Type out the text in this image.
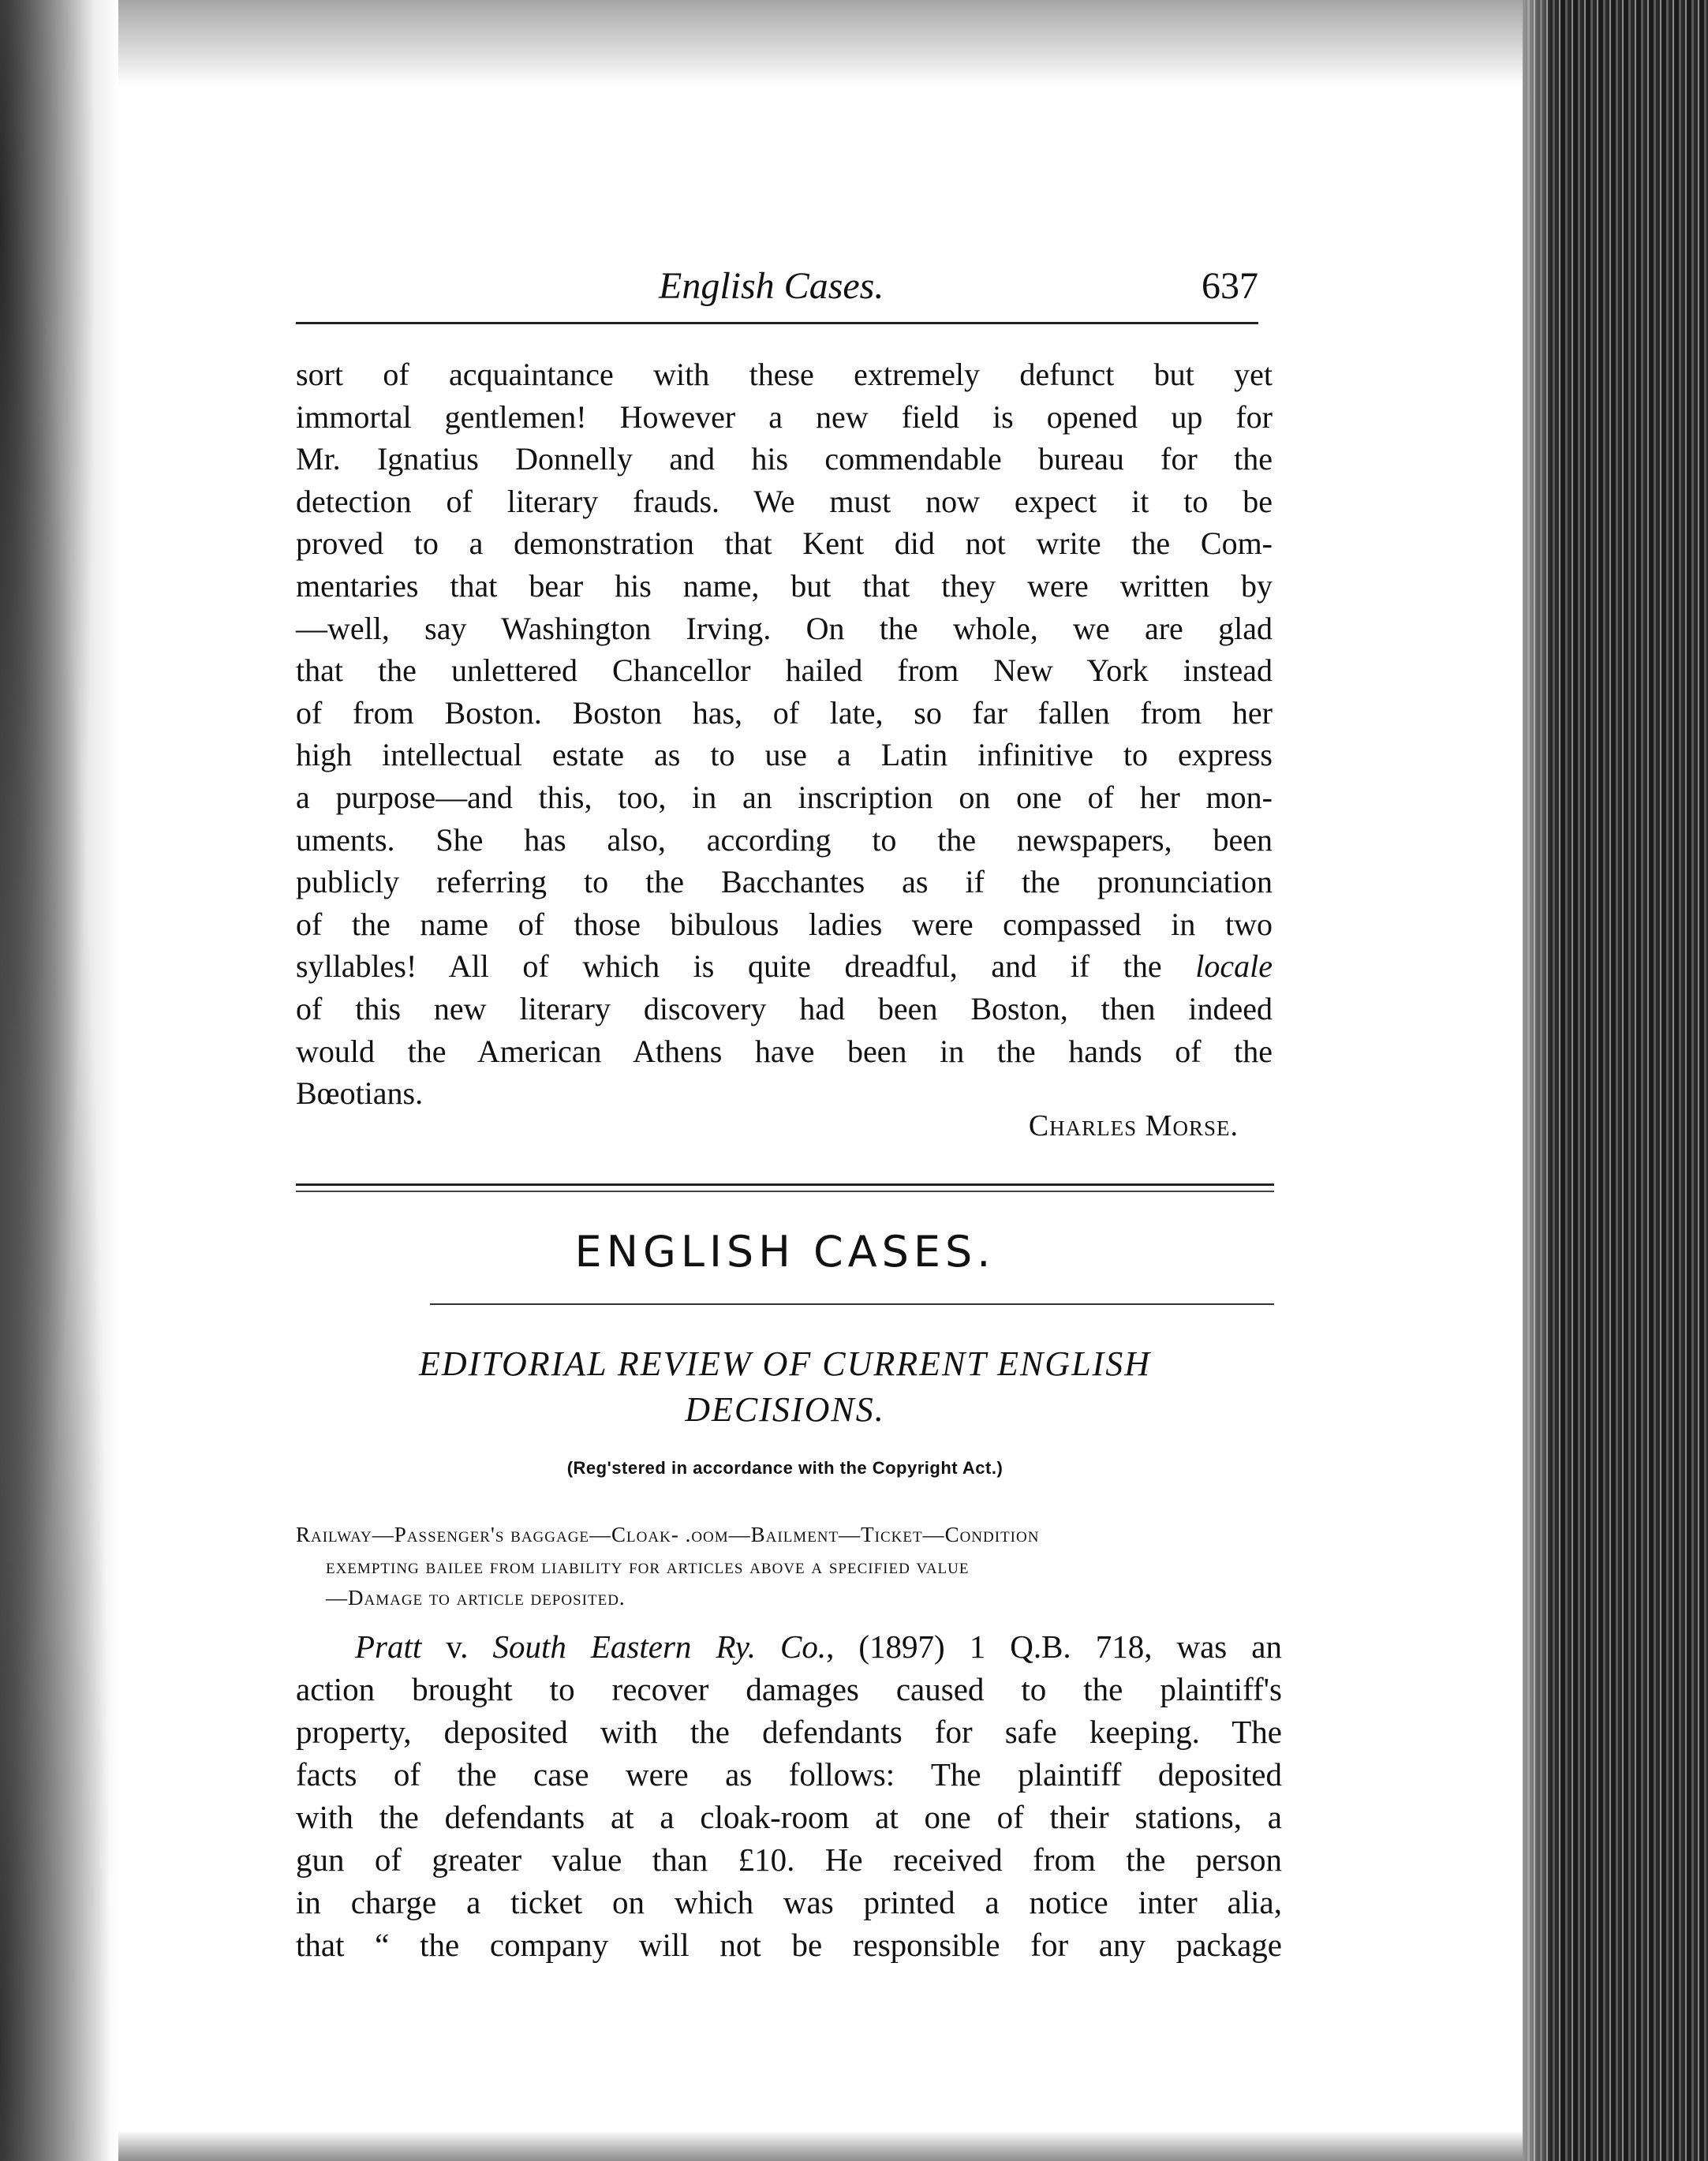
English Cases.	637
sort of acquaintance with these extremely defunct but yet
immortal gentlemen! However a new field is opened up for
Mr. Ignatius Donnelly and his commendable bureau for the
detection of literary frauds. We must now expect it to be
proved to a demonstration that Kent did not write the Com-
mentaries that bear his name, but that they were written by
—well, say Washington Irving. On the whole, we are glad
that the unlettered Chancellor hailed from New York instead
of from Boston. Boston has, of late, so far fallen from her
high intellectual estate as to use a Latin infinitive to express
a purpose—and this, too, in an inscription on one of her mon-
uments. She has also, according to the newspapers, been
publicly referring to the Bacchantes as if the pronunciation
of the name of those bibulous ladies were compassed in two
syllables! All of which is quite dreadful, and if the locale
of this new literary discovery had been Boston, then indeed
would the American Athens have been in the hands of the
Bœotians.
Charles Morse.
ENGLISH CASES.
EDITORIAL REVIEW OF CURRENT ENGLISH
DECISIONS.
(Reg'stered in accordance with the Copyright Act.)
Railway—Passenger's baggage—Cloak- .oom—Bailment—Ticket—Condition
exempting bailee from liability for articles above a specified value
—Damage to article deposited.
Pratt v. South Eastern Ry. Co., (1897) 1 Q.B. 718, was an
action brought to recover damages caused to the plaintiff's
property, deposited with the defendants for safe keeping. The
facts of the case were as follows: The plaintiff deposited
with the defendants at a cloak-room at one of their stations, a
gun of greater value than £10. He received from the person
in charge a ticket on which was printed a notice inter alia,
that “ the company will not be responsible for any package
